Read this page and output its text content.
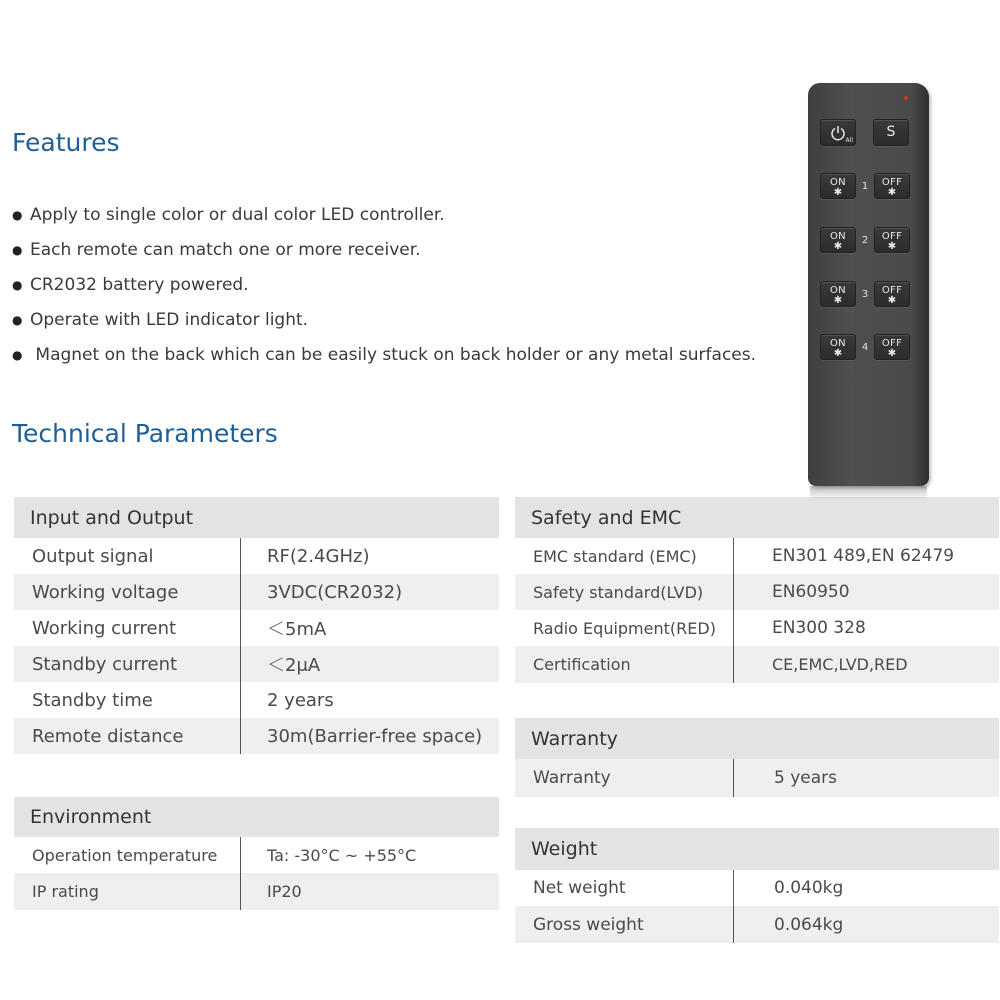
Features
● Apply to single color or dual color LED controller.
● Each remote can match one or more receiver.
● CR2032 battery powered.
● Operate with LED indicator light.
● Magnet on the back which can be easily stuck on back holder or any metal surfaces.
Technical Parameters
Input and Output
Output signal	RF(2.4GHz)
Working voltage	3VDC(CR2032)
Working current	＜5mA
Standby current	＜2μA
Standby time	2 years
Remote distance	30m(Barrier-free space)
Environment
Operation temperature	Ta: -30°C ~ +55°C
IP rating	IP20
Safety and EMC
EMC standard (EMC)	EN301 489,EN 62479
Safety standard(LVD)	EN60950
Radio Equipment(RED)	EN300 328
Certification	CE,EMC,LVD,RED
Warranty
Warranty	5 years
Weight
Net weight	0.040kg
Gross weight	0.064kg
All
S
ON
✱
1	OFF
✱
ON
✱
2	OFF
✱
ON
✱
3	OFF
✱
ON
✱
4	OFF
✱
